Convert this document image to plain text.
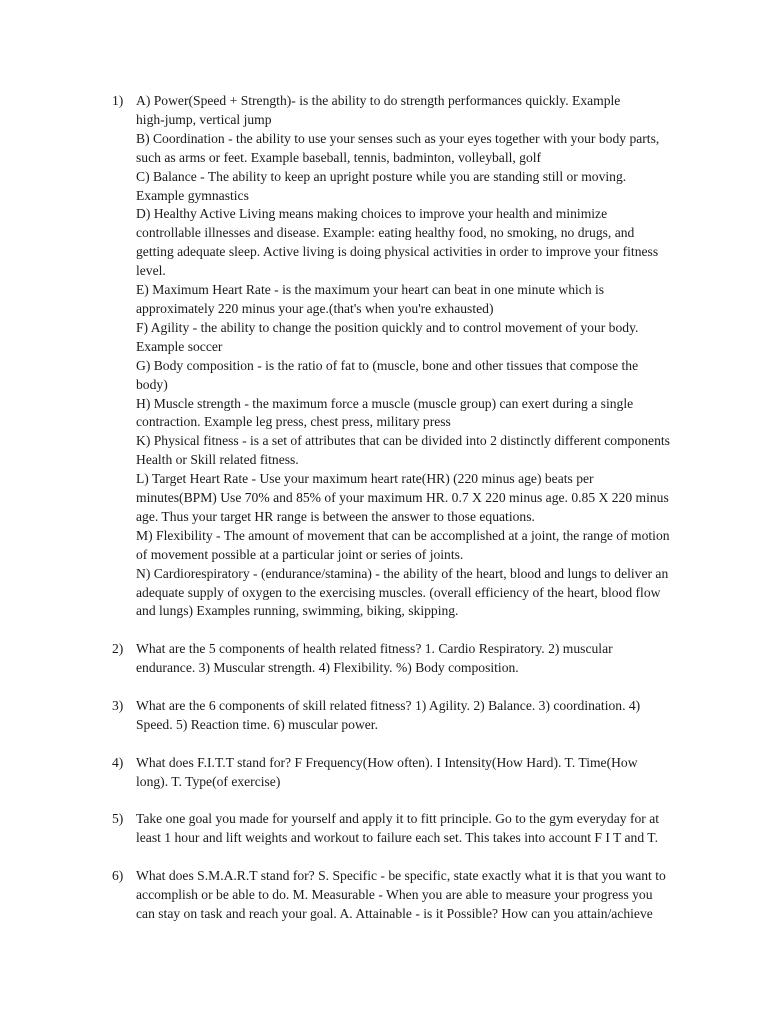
1) A) Power(Speed + Strength)- is the ability to do strength performances quickly. Example
high-jump, vertical jump
B) Coordination - the ability to use your senses such as your eyes together with your body parts,
such as arms or feet. Example baseball, tennis, badminton, volleyball, golf
C) Balance - The ability to keep an upright posture while you are standing still or moving.
Example gymnastics
D) Healthy Active Living means making choices to improve your health and minimize
controllable illnesses and disease. Example: eating healthy food, no smoking, no drugs, and
getting adequate sleep. Active living is doing physical activities in order to improve your fitness
level.
E) Maximum Heart Rate - is the maximum your heart can beat in one minute which is
approximately 220 minus your age.(that's when you're exhausted)
F) Agility - the ability to change the position quickly and to control movement of your body.
Example soccer
G) Body composition - is the ratio of fat to (muscle, bone and other tissues that compose the
body)
H) Muscle strength - the maximum force a muscle (muscle group) can exert during a single
contraction. Example leg press, chest press, military press
K) Physical fitness - is a set of attributes that can be divided into 2 distinctly different components
Health or Skill related fitness.
L) Target Heart Rate - Use your maximum heart rate(HR) (220 minus age) beats per
minutes(BPM) Use 70% and 85% of your maximum HR. 0.7 X 220 minus age. 0.85 X 220 minus
age. Thus your target HR range is between the answer to those equations.
M) Flexibility - The amount of movement that can be accomplished at a joint, the range of motion
of movement possible at a particular joint or series of joints.
N) Cardiorespiratory - (endurance/stamina) - the ability of the heart, blood and lungs to deliver an
adequate supply of oxygen to the exercising muscles. (overall efficiency of the heart, blood flow
and lungs) Examples running, swimming, biking, skipping.
2) What are the 5 components of health related fitness? 1. Cardio Respiratory. 2) muscular
endurance. 3) Muscular strength. 4) Flexibility. %) Body composition.
3) What are the 6 components of skill related fitness? 1) Agility. 2) Balance. 3) coordination. 4)
Speed. 5) Reaction time. 6) muscular power.
4) What does F.I.T.T stand for? F Frequency(How often). I Intensity(How Hard). T. Time(How
long). T. Type(of exercise)
5) Take one goal you made for yourself and apply it to fitt principle. Go to the gym everyday for at
least 1 hour and lift weights and workout to failure each set. This takes into account F I T and T.
6) What does S.M.A.R.T stand for? S. Specific - be specific, state exactly what it is that you want to
accomplish or be able to do. M. Measurable - When you are able to measure your progress you
can stay on task and reach your goal. A. Attainable - is it Possible? How can you attain/achieve
